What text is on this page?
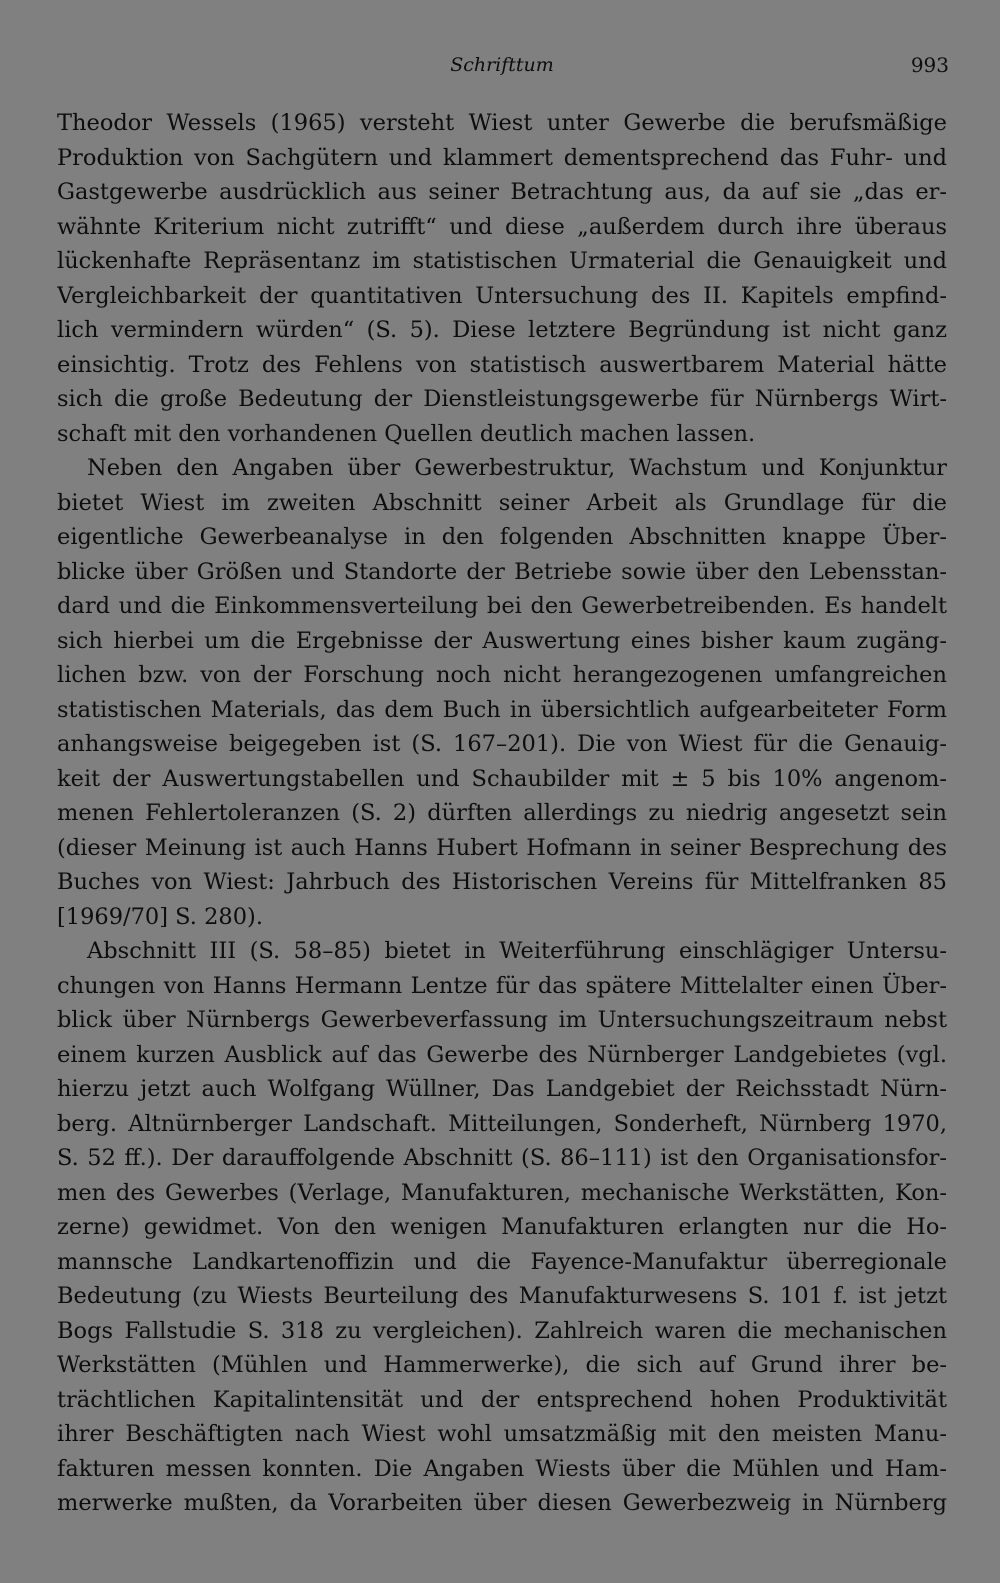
Schrifttum	993

Theodor Wessels (1965) versteht Wiest unter Gewerbe die berufsmäßige
Produktion von Sachgütern und klammert dementsprechend das Fuhr- und
Gastgewerbe ausdrücklich aus seiner Betrachtung aus, da auf sie „das er-
wähnte Kriterium nicht zutrifft“ und diese „außerdem durch ihre überaus
lückenhafte Repräsentanz im statistischen Urmaterial die Genauigkeit und
Vergleichbarkeit der quantitativen Untersuchung des II. Kapitels empfind-
lich vermindern würden“ (S. 5). Diese letztere Begründung ist nicht ganz
einsichtig. Trotz des Fehlens von statistisch auswertbarem Material hätte
sich die große Bedeutung der Dienstleistungsgewerbe für Nürnbergs Wirt-
schaft mit den vorhandenen Quellen deutlich machen lassen.

Neben den Angaben über Gewerbestruktur, Wachstum und Konjunktur
bietet Wiest im zweiten Abschnitt seiner Arbeit als Grundlage für die
eigentliche Gewerbeanalyse in den folgenden Abschnitten knappe Über-
blicke über Größen und Standorte der Betriebe sowie über den Lebensstan-
dard und die Einkommensverteilung bei den Gewerbetreibenden. Es handelt
sich hierbei um die Ergebnisse der Auswertung eines bisher kaum zugäng-
lichen bzw. von der Forschung noch nicht herangezogenen umfangreichen
statistischen Materials, das dem Buch in übersichtlich aufgearbeiteter Form
anhangsweise beigegeben ist (S. 167–201). Die von Wiest für die Genauig-
keit der Auswertungstabellen und Schaubilder mit ± 5 bis 10% angenom-
menen Fehlertoleranzen (S. 2) dürften allerdings zu niedrig angesetzt sein
(dieser Meinung ist auch Hanns Hubert Hofmann in seiner Besprechung des
Buches von Wiest: Jahrbuch des Historischen Vereins für Mittelfranken 85
[1969/70] S. 280).

Abschnitt III (S. 58–85) bietet in Weiterführung einschlägiger Untersu-
chungen von Hanns Hermann Lentze für das spätere Mittelalter einen Über-
blick über Nürnbergs Gewerbeverfassung im Untersuchungszeitraum nebst
einem kurzen Ausblick auf das Gewerbe des Nürnberger Landgebietes (vgl.
hierzu jetzt auch Wolfgang Wüllner, Das Landgebiet der Reichsstadt Nürn-
berg. Altnürnberger Landschaft. Mitteilungen, Sonderheft, Nürnberg 1970,
S. 52 ff.). Der darauffolgende Abschnitt (S. 86–111) ist den Organisationsfor-
men des Gewerbes (Verlage, Manufakturen, mechanische Werkstätten, Kon-
zerne) gewidmet. Von den wenigen Manufakturen erlangten nur die Ho-
mannsche Landkartenoffizin und die Fayence-Manufaktur überregionale
Bedeutung (zu Wiests Beurteilung des Manufakturwesens S. 101 f. ist jetzt
Bogs Fallstudie S. 318 zu vergleichen). Zahlreich waren die mechanischen
Werkstätten (Mühlen und Hammerwerke), die sich auf Grund ihrer be-
trächtlichen Kapitalintensität und der entsprechend hohen Produktivität
ihrer Beschäftigten nach Wiest wohl umsatzmäßig mit den meisten Manu-
fakturen messen konnten. Die Angaben Wiests über die Mühlen und Ham-
merwerke mußten, da Vorarbeiten über diesen Gewerbezweig in Nürnberg
